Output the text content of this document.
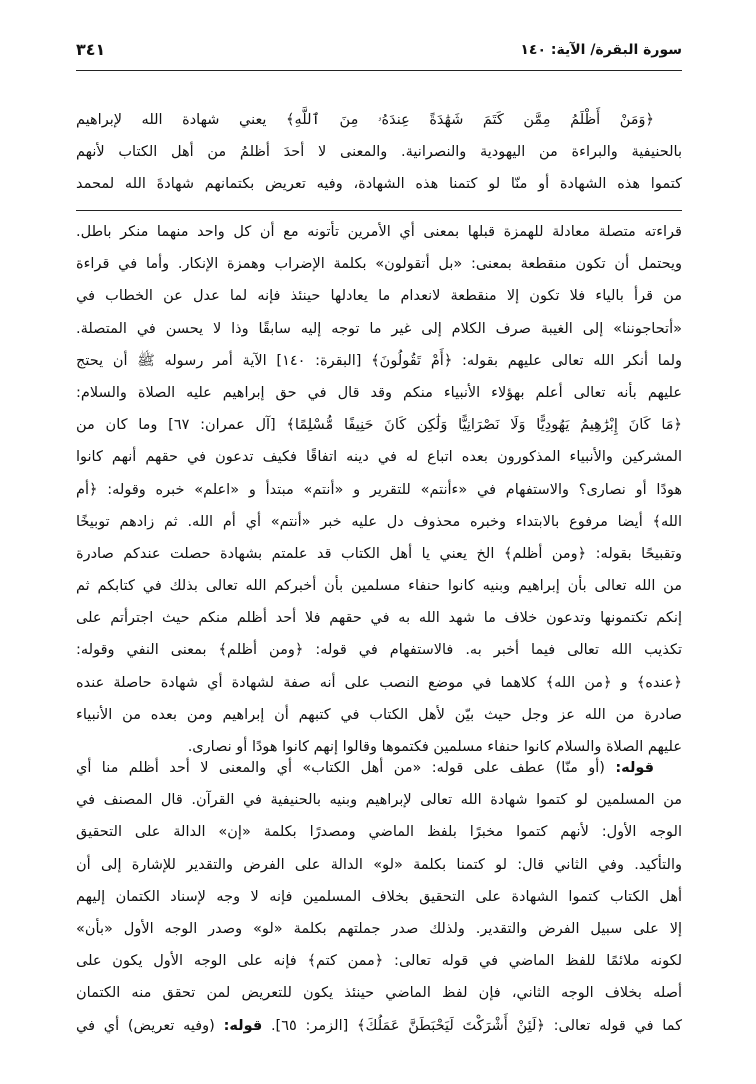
٣٤١	سورة البقرة/ الآية: ١٤٠
﴿وَمَنْ أَظْلَمُ مِمَّن كَتَمَ شَهَٰدَةً عِندَهُۥ مِنَ ٱللَّهِ﴾ يعني شهادة الله لإبراهيم
بالحنيفية والبراءة من اليهودية والنصرانية. والمعنى لا أحدَ أظلمُ من أهل الكتاب لأنهم
كتموا هذه الشهادة أو منّا لو كتمنا هذه الشهادة، وفيه تعريض بكتمانهم شهادةَ الله لمحمد
قراءته متصلة معادلة للهمزة قبلها بمعنى أي الأمرين تأتونه مع أن كل واحد منهما منكر باطل.
ويحتمل أن تكون منقطعة بمعنى: «بل أتقولون» بكلمة الإضراب وهمزة الإنكار. وأما في قراءة
من قرأ بالياء فلا تكون إلا منقطعة لانعدام ما يعادلها حينئذ فإنه لما عدل عن الخطاب في
«أتحاجوننا» إلى الغيبة صرف الكلام إلى غير ما توجه إليه سابقًا وذا لا يحسن في المتصلة.
ولما أنكر الله تعالى عليهم بقوله: ﴿أَمْ تَقُولُونَ﴾ [البقرة: ١٤٠] الآية أمر رسوله ﷺ أن يحتج
عليهم بأنه تعالى أعلم بهؤلاء الأنبياء منكم وقد قال في حق إبراهيم عليه الصلاة والسلام:
﴿مَا كَانَ إِبْرَٰهِيمُ يَهُودِيًّا وَلَا نَصْرَانِيًّا وَلَٰكِن كَانَ حَنِيفًا مُّسْلِمًا﴾ [آل عمران: ٦٧] وما كان من
المشركين والأنبياء المذكورون بعده اتباع له في دينه اتفاقًا فكيف تدعون في حقهم أنهم كانوا
هودًا أو نصارى؟ والاستفهام في «ءأنتم» للتقرير و «أنتم» مبتدأ و «اعلم» خبره وقوله: ﴿أم
الله﴾ أيضا مرفوع بالابتداء وخبره محذوف دل عليه خبر «أنتم» أي أم الله. ثم زادهم توبيخًا
وتقبيحًا بقوله: ﴿ومن أظلم﴾ الخ يعني يا أهل الكتاب قد علمتم بشهادة حصلت عندكم صادرة
من الله تعالى بأن إبراهيم وبنيه كانوا حنفاء مسلمين بأن أخبركم الله تعالى بذلك في كتابكم ثم
إنكم تكتمونها وتدعون خلاف ما شهد الله به في حقهم فلا أحد أظلم منكم حيث اجترأتم على
تكذيب الله تعالى فيما أخبر به. فالاستفهام في قوله: ﴿ومن أظلم﴾ بمعنى النفي وقوله:
﴿عنده﴾ و ﴿من الله﴾ كلاهما في موضع النصب على أنه صفة لشهادة أي شهادة حاصلة عنده
صادرة من الله عز وجل حيث بيّن لأهل الكتاب في كتبهم أن إبراهيم ومن بعده من الأنبياء
عليهم الصلاة والسلام كانوا حنفاء مسلمين فكتموها وقالوا إنهم كانوا هودًا أو نصارى.
قوله: (أو منّا) عطف على قوله: «من أهل الكتاب» أي والمعنى لا أحد أظلم منا أي
من المسلمين لو كتموا شهادة الله تعالى لإبراهيم وبنيه بالحنيفية في القرآن. قال المصنف في
الوجه الأول: لأنهم كتموا مخبرًا بلفظ الماضي ومصدرًا بكلمة «إن» الدالة على التحقيق
والتأكيد. وفي الثاني قال: لو كتمنا بكلمة «لو» الدالة على الفرض والتقدير للإشارة إلى أن
أهل الكتاب كتموا الشهادة على التحقيق بخلاف المسلمين فإنه لا وجه لإسناد الكتمان إليهم
إلا على سبيل الفرض والتقدير. ولذلك صدر جملتهم بكلمة «لو» وصدر الوجه الأول «بأن»
لكونه ملائمًا للفظ الماضي في قوله تعالى: ﴿ممن كتم﴾ فإنه على الوجه الأول يكون على
أصله بخلاف الوجه الثاني، فإن لفظ الماضي حينئذ يكون للتعريض لمن تحقق منه الكتمان
كما في قوله تعالى: ﴿لَئِنْ أَشْرَكْتَ لَيَحْبَطَنَّ عَمَلُكَ﴾ [الزمر: ٦٥]. قوله: (وفيه تعريض) أي في
